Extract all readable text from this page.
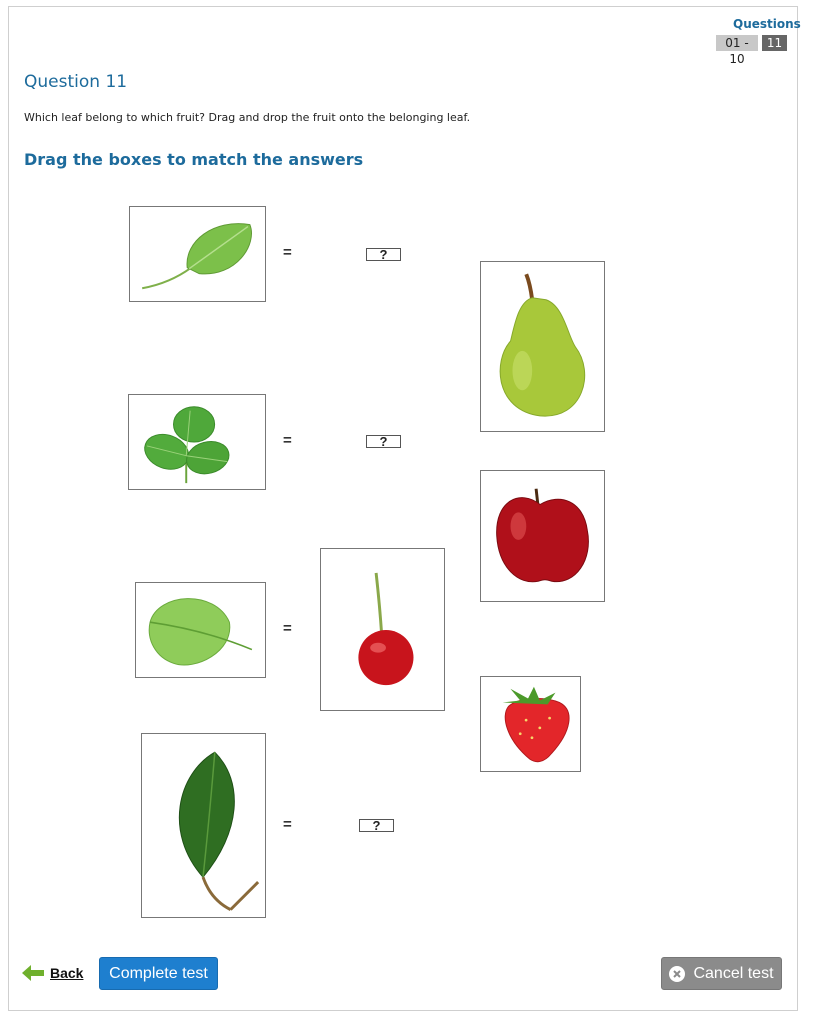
Questions
01 - 10
11
Question 11
Which leaf belong to which fruit? Drag and drop the fruit onto the belonging leaf.
Drag the boxes to match the answers
=	?
=	?
=
=	?
Back Complete test	Cancel test
